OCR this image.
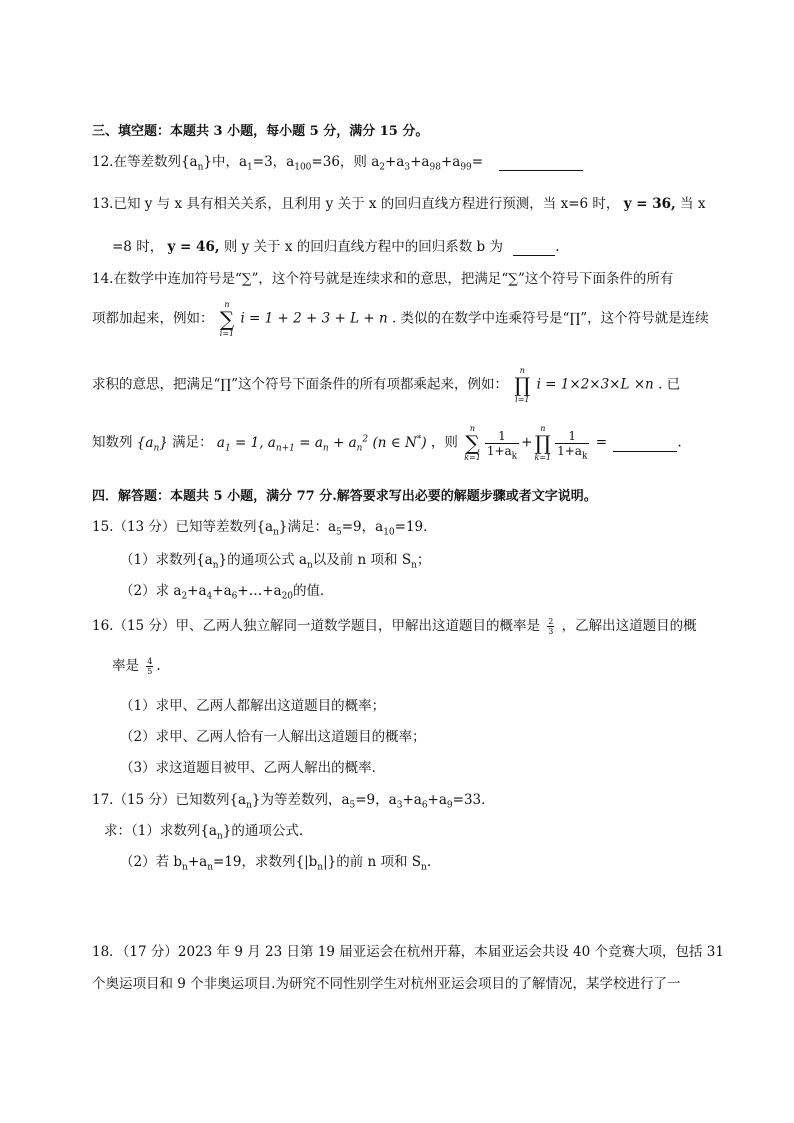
三、填空题：本题共 3 小题，每小题 5 分，满分 15 分。
12.在等差数列$\{a_n\}$中，$a_1=3$，$a_{100}=36$，则 $a_2+a_3+a_{98}+a_{99}=$
13.已知 y 与 x 具有相关关系，且利用 y 关于 x 的回归直线方程进行预测，当 x=6 时， y = 36, 当 x
=8 时， y = 46, 则 y 关于 x 的回归直线方程中的回归系数 b 为	.
14.在数学中连加符号是“∑”，这个符号就是连续求和的意思，把满足“∑”这个符号下面条件的所有
项都加起来，例如：
n
∑
i=1
i = 1 + 2 + 3 + L + n . 类似的在数学中连乘符号是“∏”，这个符号就是连续
求积的意思，把满足“∏”这个符号下面条件的所有项都乘起来，例如：
n
∏
i=1
i = 1×2×3×L ×n . 已
知数列 $\{a_n\}$ 满足： $a_1 = 1$, $a_{n+1} = a_n + a_n^2$ (n ∈ N*) ，则
n
∑
$k=1 \frac{1}{1+a_k}$ +
n
∏
$k=1 \frac{1}{1+a_k}$ =	.
四．解答题：本题共 5 小题，满分 77 分.解答要求写出必要的解题步骤或者文字说明。
15.（13 分）已知等差数列$\{a_n\}$满足：$a_5=9$，$a_{10}=19$．
（1）求数列$\{a_n\}$的通项公式 $a_n$以及前 n 项和 $S_n$；
（2）求 $a_2+a_4+a_6+\dots+a_{20}$的值．
16.（15 分）甲、乙两人独立解同一道数学题目，甲解出这道题目的概率是 $\frac{2}{3}$ ，乙解出这道题目的概
率是 $\frac{4}{5}$ .
（1）求甲、乙两人都解出这道题目的概率；
（2）求甲、乙两人恰有一人解出这道题目的概率；
（3）求这道题目被甲、乙两人解出的概率．
17.（15 分）已知数列$\{a_n\}$为等差数列，$a_5=9$，$a_3+a_6+a_9=33$．
求：（1）求数列$\{a_n\}$的通项公式．
（2）若 $b_n+a_n=19$，求数列$\{|b_n|\}$的前 n 项和 $S_n$.
18．（17 分）2023 年 9 月 23 日第 19 届亚运会在杭州开幕，本届亚运会共设 40 个竞赛大项，包括 31
个奥运项目和 9 个非奥运项目.为研究不同性别学生对杭州亚运会项目的了解情况，某学校进行了一
